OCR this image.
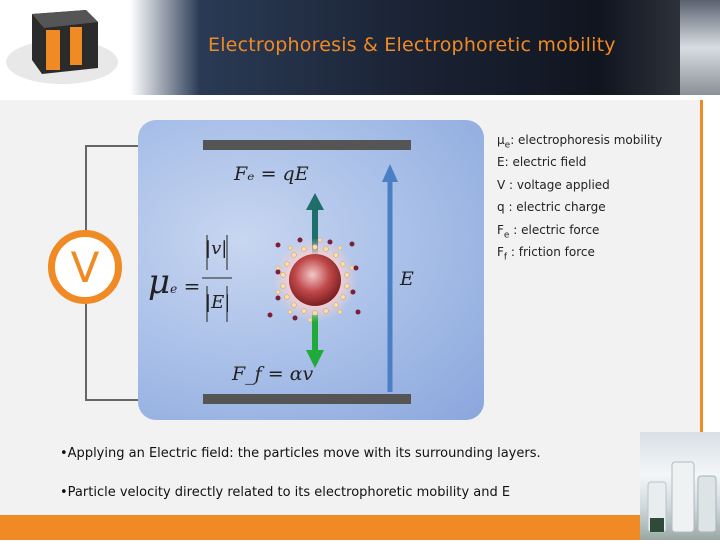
Electrophoresis & Electrophoretic mobility
V
Fₑ = qE
μe =
|v|
|E|
E
F_f = αv
$\mu_e$: electrophoresis mobility
E: electric field
V : voltage applied
q : electric charge
$F_e$ : electric force
$F_f$ : friction force
•Applying an Electric field: the particles move with its surrounding layers.
•Particle velocity directly related to its electrophoretic mobility and E
